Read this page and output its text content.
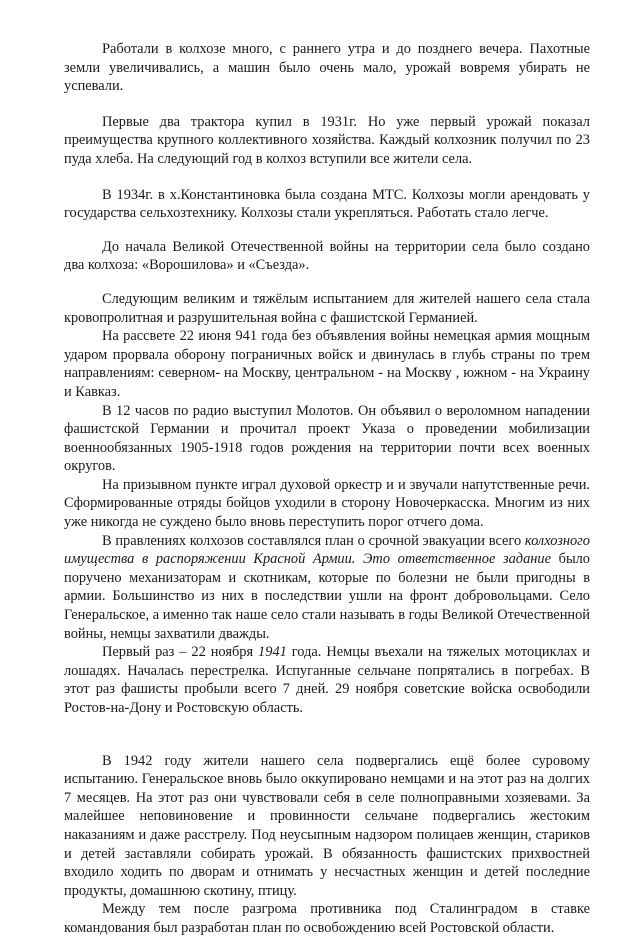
Работали в колхозе много, с раннего утра и до позднего вечера. Пахотные земли увеличивались, а машин было очень мало, урожай вовремя убирать не успевали.

Первые два трактора купил в 1931г. Но уже первый урожай показал преимущества крупного коллективного хозяйства. Каждый колхозник получил по 23 пуда хлеба. На следующий год в колхоз вступили все жители села.

В 1934г. в х.Константиновка была создана МТС. Колхозы могли арендовать у государства сельхозтехнику. Колхозы стали укрепляться. Работать стало легче.

До начала Великой Отечественной войны на территории села было создано два колхоза: «Ворошилова» и «Съезда».

Следующим великим и тяжёлым испытанием для жителей нашего села стала кровопролитная и разрушительная война с фашистской Германией.

На рассвете 22 июня 941 года без объявления войны немецкая армия мощным ударом прорвала оборону пограничных войск и двинулась в глубь страны по трем направлениям: северном- на Москву, центральном - на Москву , южном - на Украину и Кавказ.

В 12 часов по радио выступил Молотов. Он объявил о вероломном нападении фашистской Германии и прочитал проект Указа о проведении мобилизации военнообязанных 1905-1918 годов рождения на территории почти всех военных округов.

На призывном пункте играл духовой оркестр и и звучали напутственные речи. Сформированные отряды бойцов уходили в сторону Новочеркасска. Многим из них уже никогда не суждено было вновь переступить порог отчего дома.

В правлениях колхозов составлялся план о срочной эвакуации всего колхозного имущества в распоряжении Красной Армии. Это ответственное задание было поручено механизаторам и скотникам, которые по болезни не были пригодны в армии. Большинство из них в последствии ушли на фронт добровольцами. Село Генеральское, а именно так наше село стали называть в годы Великой Отечественной войны, немцы захватили дважды.

Первый раз – 22 ноября 1941 года. Немцы въехали на тяжелых мотоциклах и лошадях. Началась перестрелка. Испуганные сельчане попрятались в погребах. В этот раз фашисты пробыли всего 7 дней. 29 ноября советские войска освободили Ростов-на-Дону и Ростовскую область.

В 1942 году жители нашего села подвергались ещё более суровому испытанию. Генеральское вновь было оккупировано немцами и на этот раз на долгих 7 месяцев. На этот раз они чувствовали себя в селе полноправными хозяевами. За малейшее неповиновение и провинности сельчане подвергались жестоким наказаниям и даже расстрелу. Под неусыпным надзором полицаев женщин, стариков и детей заставляли собирать урожай. В обязанность фашистских прихвостней входило ходить по дворам и отнимать у несчастных женщин и детей последние продукты, домашнюю скотину, птицу.

Между тем после разгрома противника под Сталинградом в ставке командования был разработан план по освобождению всей Ростовской области.
